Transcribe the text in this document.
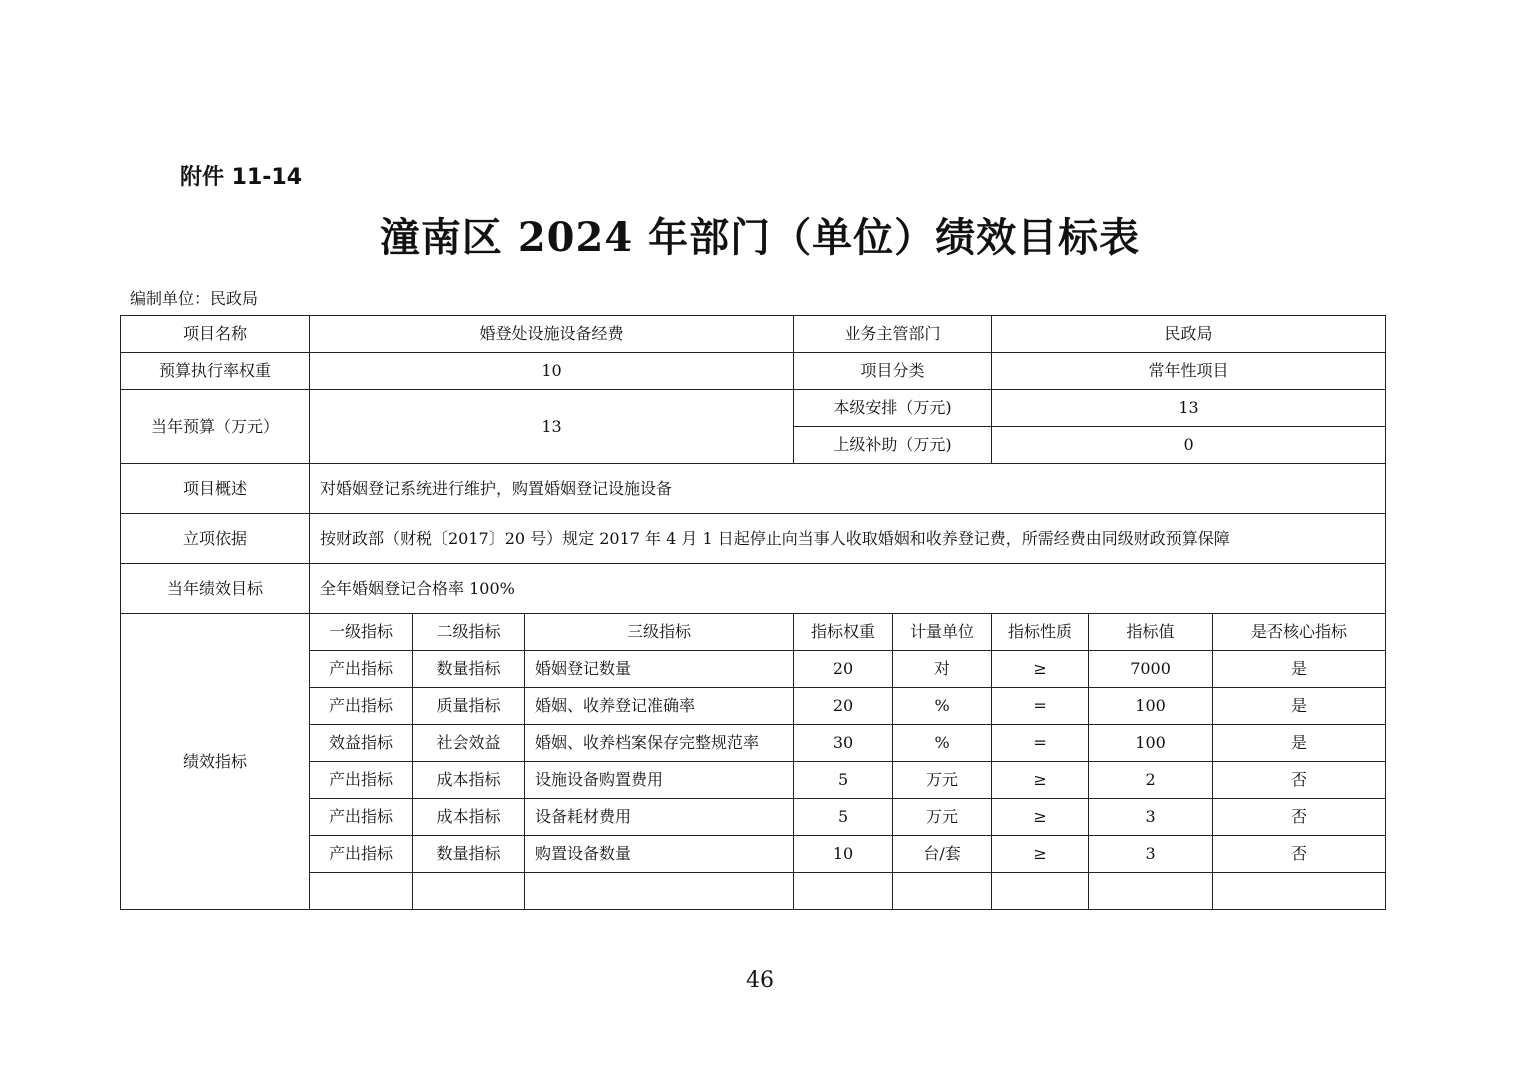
附件 11-14
潼南区 2024 年部门（单位）绩效目标表
编制单位：民政局
项目名称	婚登处设施设备经费			业务主管部门		民政局		
预算执行率权重	10			项目分类		常年性项目		
当年预算（万元）	13			本级安排（万元)		13		
				上级补助（万元)		0		
项目概述	对婚姻登记系统进行维护，购置婚姻登记设施设备							
立项依据	按财政部（财税〔2017〕20 号）规定 2017 年 4 月 1 日起停止向当事人收取婚姻和收养登记费，所需经费由同级财政预算保障							
当年绩效目标	全年婚姻登记合格率 100%							
绩效指标	一级指标	二级指标	三级指标	指标权重	计量单位	指标性质	指标值	是否核心指标
	产出指标	数量指标	婚姻登记数量	20	对	≥	7000	是
	产出指标	质量指标	婚姻、收养登记准确率	20	%	=	100	是
	效益指标	社会效益	婚姻、收养档案保存完整规范率	30	%	=	100	是
	产出指标	成本指标	设施设备购置费用	5	万元	≥	2	否
	产出指标	成本指标	设备耗材费用	5	万元	≥	3	否
	产出指标	数量指标	购置设备数量	10	台/套	≥	3	否

46
